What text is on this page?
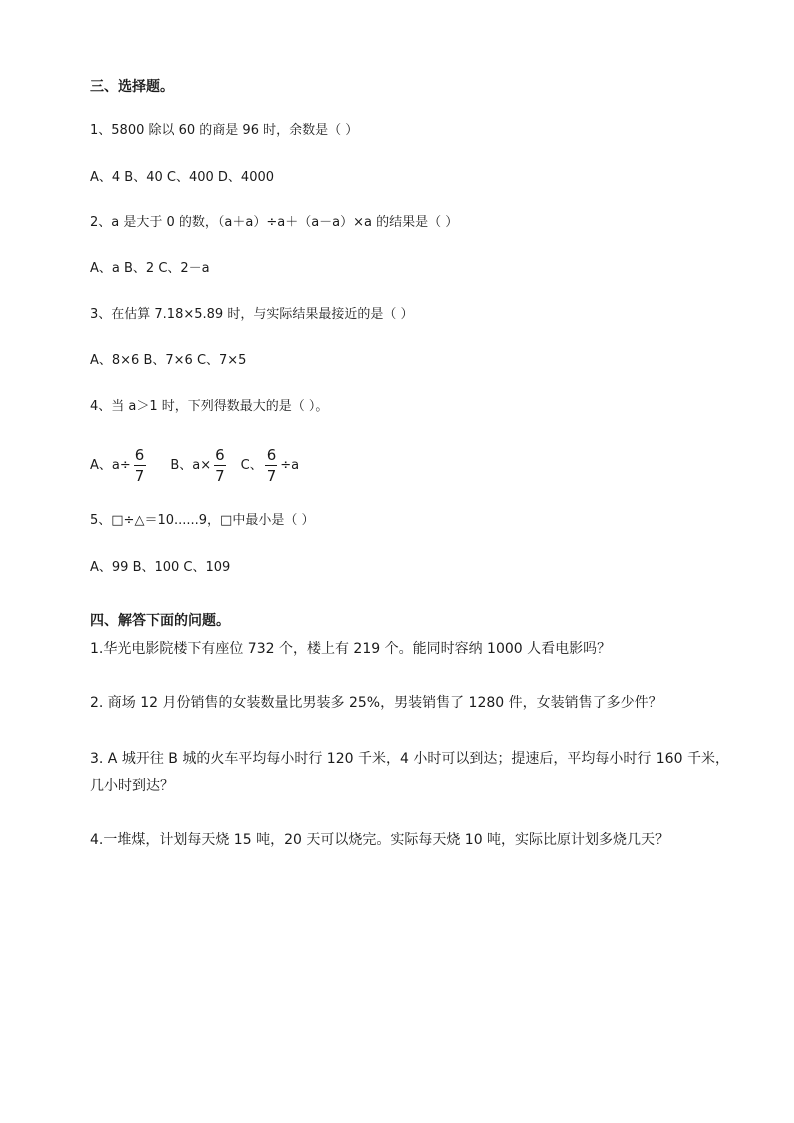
三、选择题。
1、5800 除以 60 的商是 96 时，余数是（ ）
A、4 B、40 C、400 D、4000
2、a 是大于 0 的数，（a＋a）÷a＋（a－a）×a 的结果是（ ）
A、a B、2 C、2－a
3、在估算 7.18×5.89 时，与实际结果最接近的是（ ）
A、8×6 B、7×6 C、7×5
4、当 a＞1 时，下列得数最大的是（ ）。
A、$a\div \frac{6}{7}$ B、$a\times \frac{6}{7}$ C、 $\frac{6}{7} \div a$
5、□÷△＝10......9，□中最小是（ ）
A、99 B、100 C、109
四、解答下面的问题。
1.华光电影院楼下有座位 732 个，楼上有 219 个。能同时容纳 1000 人看电影吗？
2. 商场 12 月份销售的女装数量比男装多 25%，男装销售了 1280 件，女装销售了多少件？
3. A 城开往 B 城的火车平均每小时行 120 千米，4 小时可以到达；提速后，平均每小时行 160 千米，
几小时到达？
4.一堆煤，计划每天烧 15 吨，20 天可以烧完。实际每天烧 10 吨，实际比原计划多烧几天？
